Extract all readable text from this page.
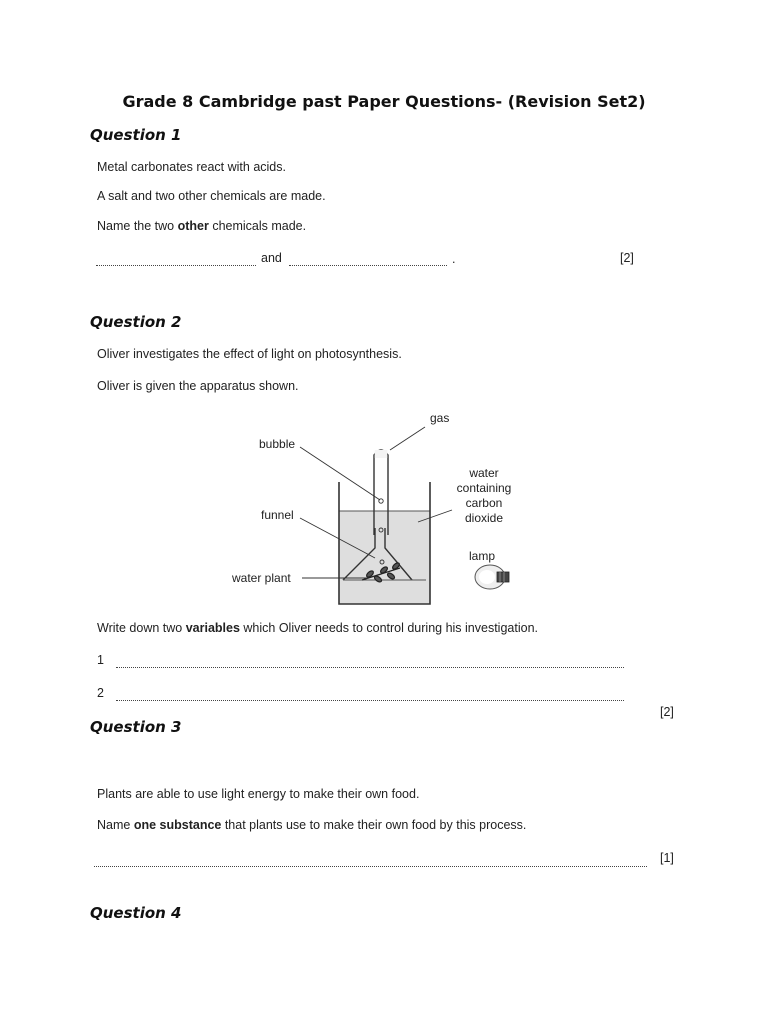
Grade 8 Cambridge past Paper Questions- (Revision Set2)
Question 1
Metal carbonates react with acids.
A salt and two other chemicals are made.
Name the two other chemicals made.
and	.	[2]
Question 2
Oliver investigates the effect of light on photosynthesis.
Oliver is given the apparatus shown.
gas
bubble
water
containing
carbon
dioxide
funnel
lamp
water plant
Write down two variables which Oliver needs to control during his investigation.
1
2
[2]
Question 3
Plants are able to use light energy to make their own food.
Name one substance that plants use to make their own food by this process.
[1]
Question 4
